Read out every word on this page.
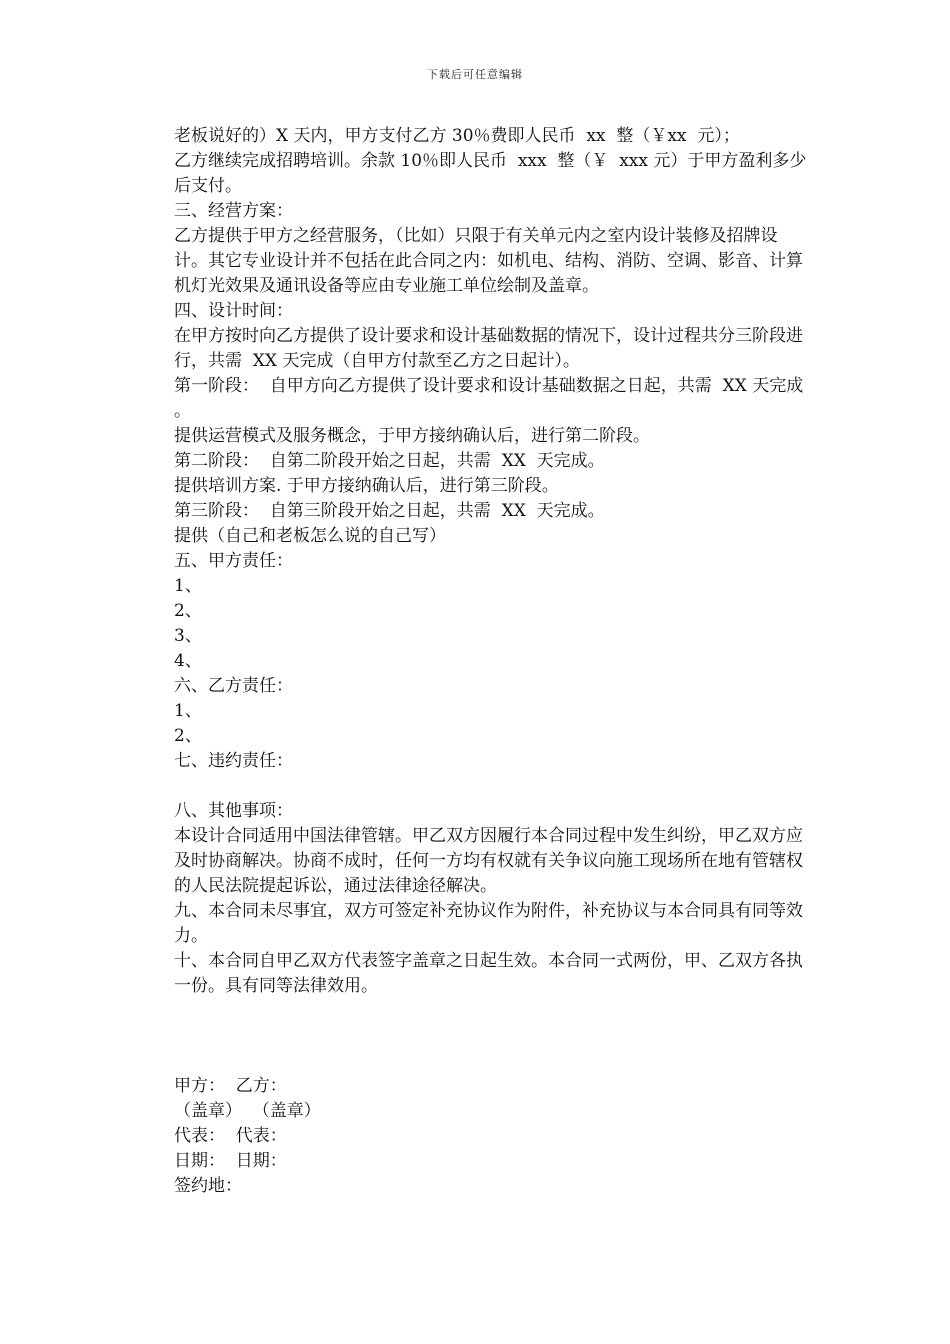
下载后可任意编辑

老板说好的）X 天内，甲方支付乙方 30％费即人民币  xx  整（￥xx  元）；

乙方继续完成招聘培训。余款 10％即人民币  xxx  整（￥  xxx 元）于甲方盈利多少后支付。

三、经营方案：

乙方提供于甲方之经营服务，（比如）只限于有关单元内之室内设计装修及招牌设计。其它专业设计并不包括在此合同之内：如机电、结构、消防、空调、影音、计算机灯光效果及通讯设备等应由专业施工单位绘制及盖章。

四、设计时间：

在甲方按时向乙方提供了设计要求和设计基础数据的情况下，设计过程共分三阶段进行，共需  XX 天完成（自甲方付款至乙方之日起计）。

第一阶段：  自甲方向乙方提供了设计要求和设计基础数据之日起，共需  XX 天完成  。

提供运营模式及服务概念，于甲方接纳确认后，进行第二阶段。

第二阶段：  自第二阶段开始之日起，共需  XX  天完成。

提供培训方案. 于甲方接纳确认后，进行第三阶段。

第三阶段：  自第三阶段开始之日起，共需  XX  天完成。

提供（自己和老板怎么说的自己写）

五、甲方责任：

1、

2、

3、

4、

六、乙方责任：

1、

2、

七、违约责任：

八、其他事项：

本设计合同适用中国法律管辖。甲乙双方因履行本合同过程中发生纠纷，甲乙双方应及时协商解决。协商不成时，任何一方均有权就有关争议向施工现场所在地有管辖权的人民法院提起诉讼，通过法律途径解决。

九、本合同未尽事宜，双方可签定补充协议作为附件，补充协议与本合同具有同等效力。

十、本合同自甲乙双方代表签字盖章之日起生效。本合同一式两份，甲、乙双方各执一份。具有同等法律效用。

甲方：  乙方：

（盖章）  （盖章）

代表：  代表：

日期：  日期：

签约地：
